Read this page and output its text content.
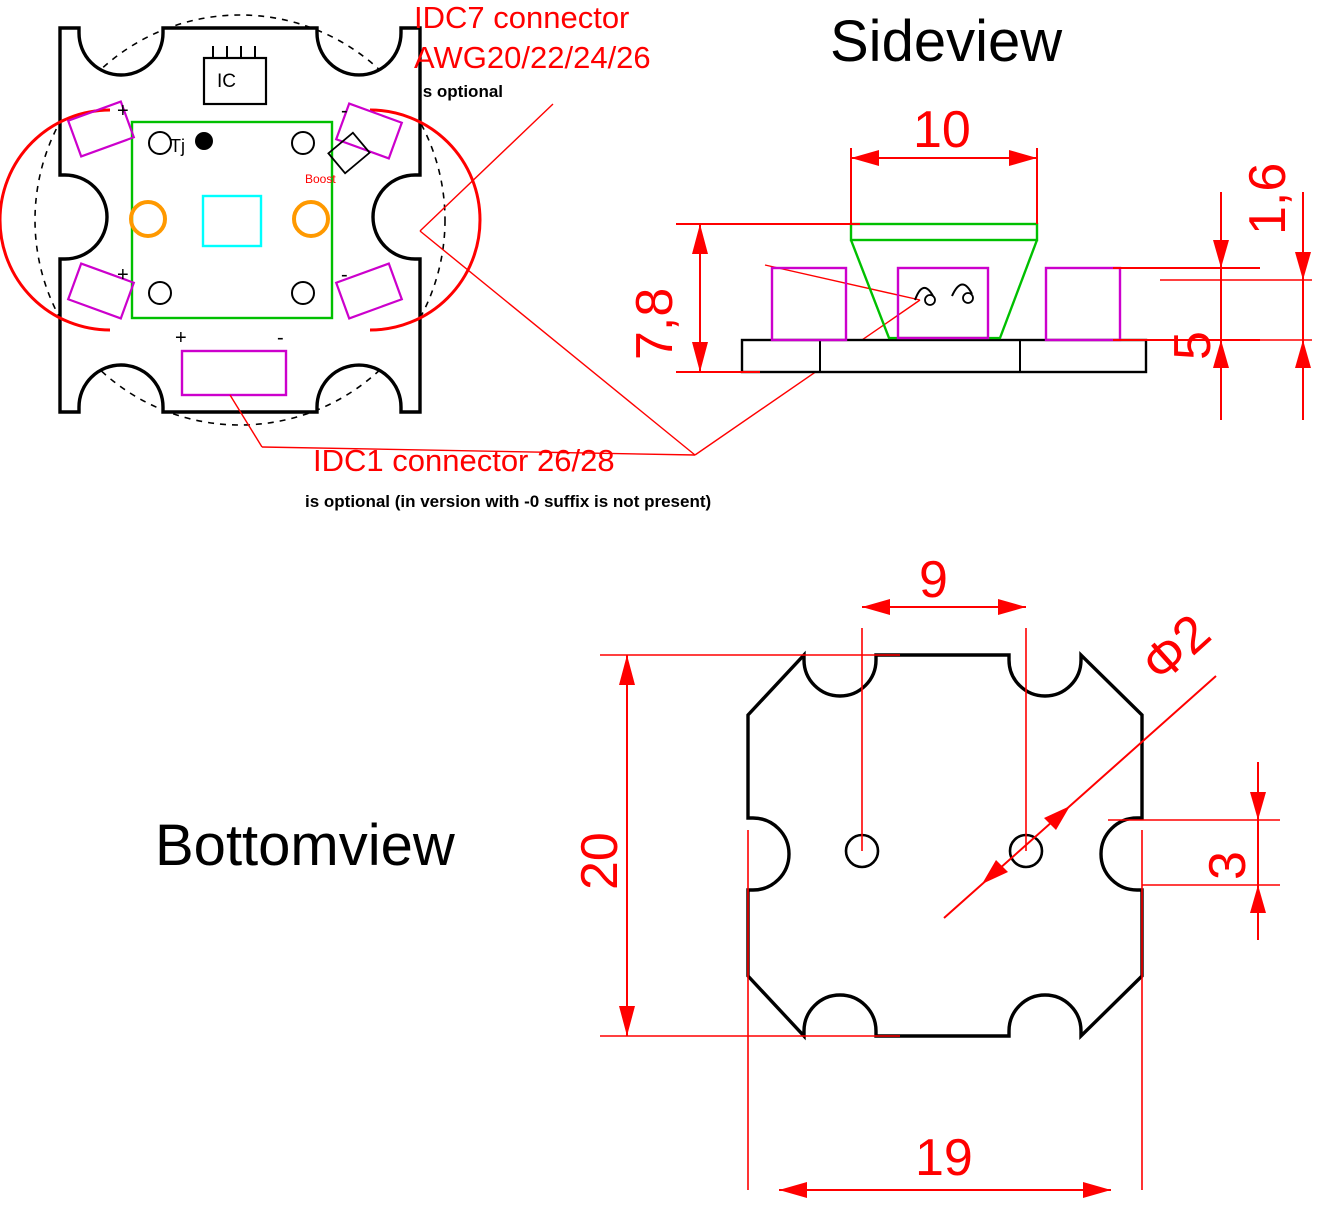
Sideview
Bottomview
IDC7 connector
AWG20/22/24/26
is optional
IDC1 connector 26/28
is optional (in version with -0 suffix is not present)
IC
Tj
Boost
+	-
+	-
+	-
10
7,8	5
1,6
9
20
19
Φ2
3
